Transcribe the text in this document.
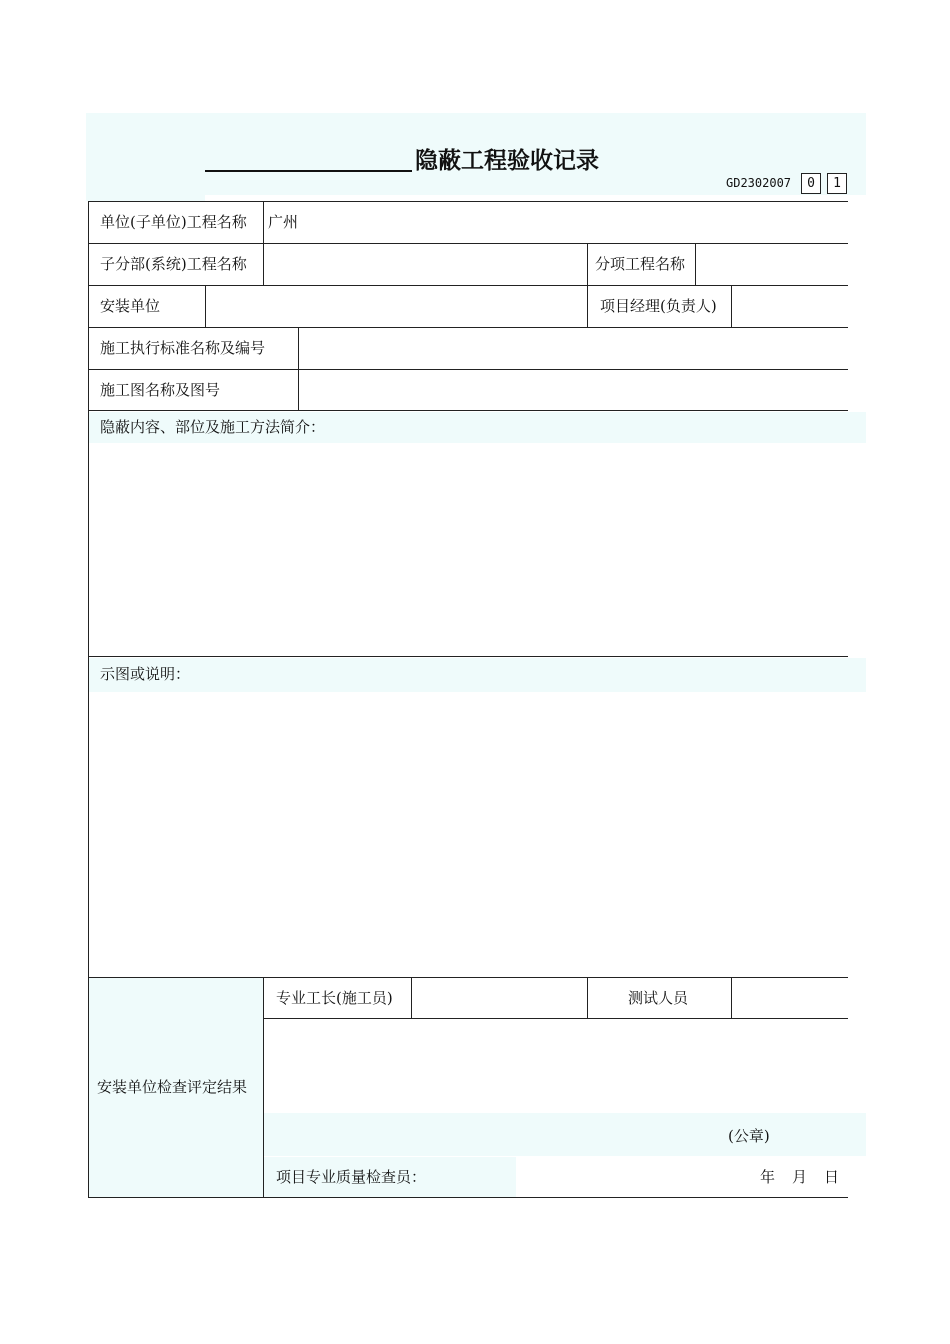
隐蔽工程验收记录
GD2302007	0	1
单位(子单位)工程名称 广州
子分部(系统)工程名称	分项工程名称
安装单位	项目经理(负责人)
施工执行标准名称及编号
施工图名称及图号
隐蔽内容、部位及施工方法简介：
示图或说明：
安装单位检查评定结果
专业工长(施工员)	测试人员
(公章)
项目专业质量检查员：	年 月 日
